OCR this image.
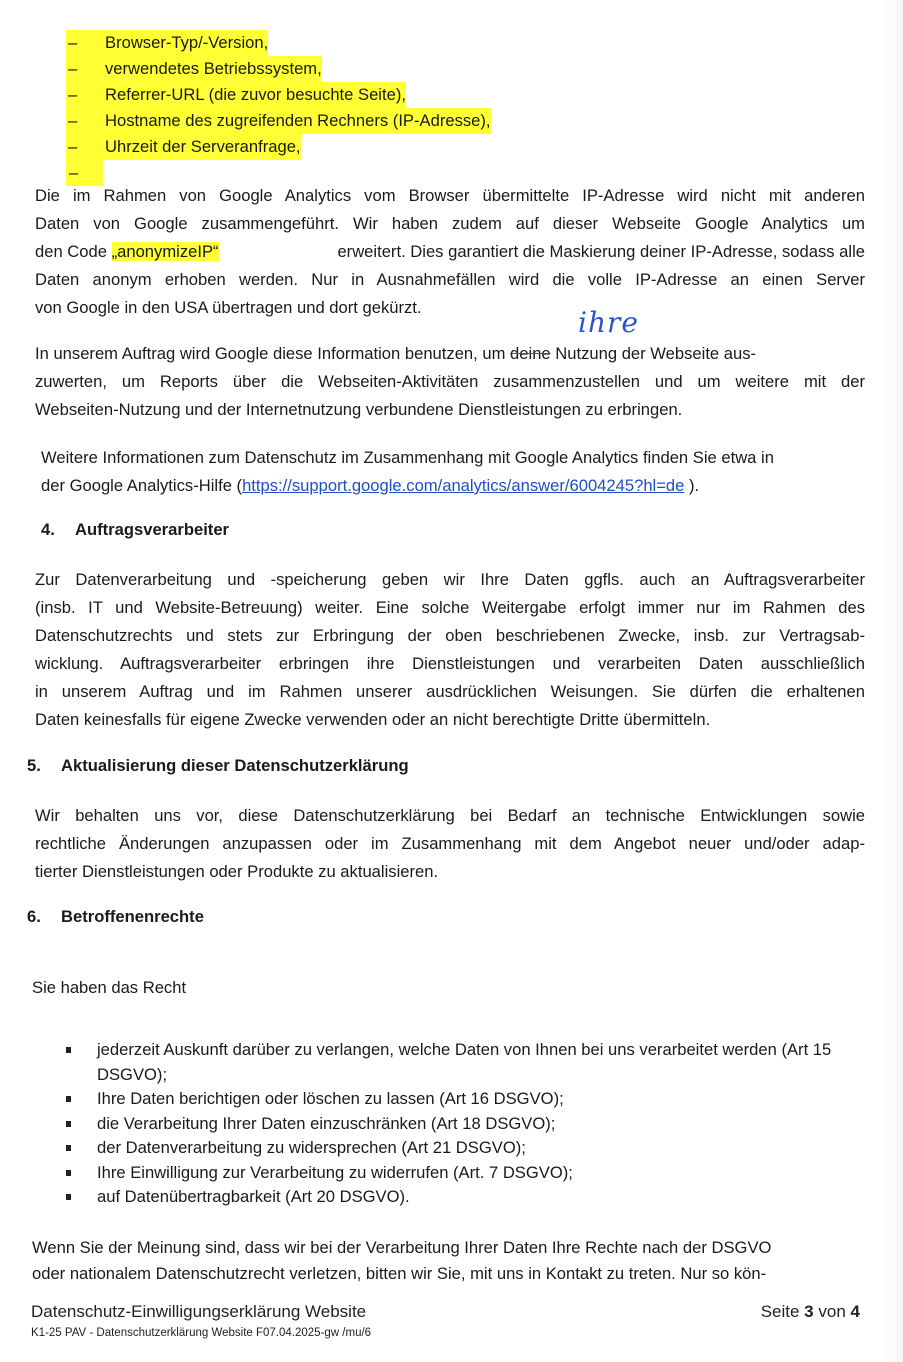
–	Browser-Typ/-Version,
–	verwendetes Betriebssystem,
–	Referrer-URL (die zuvor besuchte Seite),
–	Hostname des zugreifenden Rechners (IP-Adresse),
–	Uhrzeit der Serveranfrage,
–
Die im Rahmen von Google Analytics vom Browser übermittelte IP-Adresse wird nicht mit anderen
Daten von Google zusammengeführt. Wir haben zudem auf dieser Webseite Google Analytics um
den Code „anonymizeIP“	erweitert. Dies garantiert die Maskierung deiner IP-Adresse, sodass alle
Daten anonym erhoben werden. Nur in Ausnahmefällen wird die volle IP-Adresse an einen Server
von Google in den USA übertragen und dort gekürzt.	ihre
In unserem Auftrag wird Google diese Information benutzen, um deine Nutzung der Webseite aus-
zuwerten, um Reports über die Webseiten-Aktivitäten zusammenzustellen und um weitere mit der
Webseiten-Nutzung und der Internetnutzung verbundene Dienstleistungen zu erbringen.
Weitere Informationen zum Datenschutz im Zusammenhang mit Google Analytics finden Sie etwa in
der Google Analytics-Hilfe (https://support.google.com/analytics/answer/6004245?hl=de ).
4. Auftragsverarbeiter
Zur Datenverarbeitung und -speicherung geben wir Ihre Daten ggfls. auch an Auftragsverarbeiter
(insb. IT und Website-Betreuung) weiter. Eine solche Weitergabe erfolgt immer nur im Rahmen des
Datenschutzrechts und stets zur Erbringung der oben beschriebenen Zwecke, insb. zur Vertragsab-
wicklung. Auftragsverarbeiter erbringen ihre Dienstleistungen und verarbeiten Daten ausschließlich
in unserem Auftrag und im Rahmen unserer ausdrücklichen Weisungen. Sie dürfen die erhaltenen
Daten keinesfalls für eigene Zwecke verwenden oder an nicht berechtigte Dritte übermitteln.
5. Aktualisierung dieser Datenschutzerklärung
Wir behalten uns vor, diese Datenschutzerklärung bei Bedarf an technische Entwicklungen sowie
rechtliche Änderungen anzupassen oder im Zusammenhang mit dem Angebot neuer und/oder adap-
tierter Dienstleistungen oder Produkte zu aktualisieren.
6. Betroffenenrechte
Sie haben das Recht
jederzeit Auskunft darüber zu verlangen, welche Daten von Ihnen bei uns verarbeitet werden (Art 15 DSGVO);
Ihre Daten berichtigen oder löschen zu lassen (Art 16 DSGVO);
die Verarbeitung Ihrer Daten einzuschränken (Art 18 DSGVO);
der Datenverarbeitung zu widersprechen (Art 21 DSGVO);
Ihre Einwilligung zur Verarbeitung zu widerrufen (Art. 7 DSGVO);
auf Datenübertragbarkeit (Art 20 DSGVO).
Wenn Sie der Meinung sind, dass wir bei der Verarbeitung Ihrer Daten Ihre Rechte nach der DSGVO
oder nationalem Datenschutzrecht verletzen, bitten wir Sie, mit uns in Kontakt zu treten. Nur so kön-
Datenschutz-Einwilligungserklärung Website
K1-25 PAV - Datenschutzerklärung Website F07.04.2025-gw /mu/6
Seite 3 von 4
